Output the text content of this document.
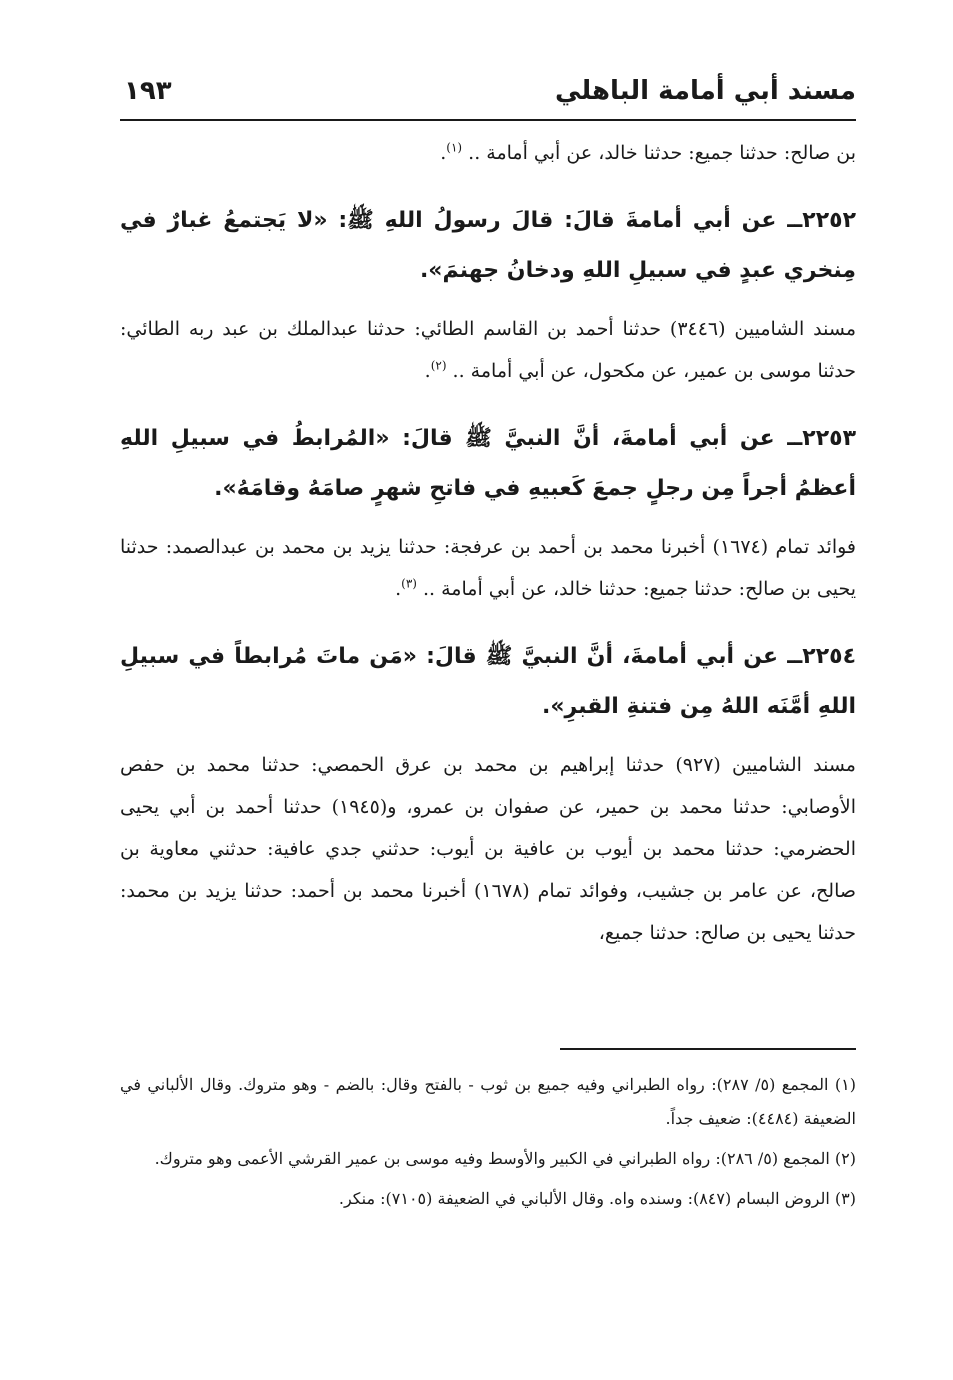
مسند أبي أمامة الباهلي
١٩٣

بن صالح: حدثنا جميع: حدثنا خالد، عن أبي أمامة .. $^{(١)}$.

٢٢٥٢ــ عن أبي أمامةَ قالَ: قالَ رسولُ اللهِ ﷺ: «لا يَجتمعُ غبارٌ في مِنخري عبدٍ في سبيلِ اللهِ ودخانُ جهنمَ».

مسند الشاميين (٣٤٤٦) حدثنا أحمد بن القاسم الطائي: حدثنا عبدالملك بن عبد ربه الطائي: حدثنا موسى بن عمير، عن مكحول، عن أبي أمامة .. $^{(٢)}$.

٢٢٥٣ــ عن أبي أمامةَ، أنَّ النبيَّ ﷺ قالَ: «المُرابطُ في سبيلِ اللهِ أعظمُ أجراً مِن رجلٍ جمعَ كَعبيهِ في فاتحِ شهرٍ صامَهُ وقامَهُ».

فوائد تمام (١٦٧٤) أخبرنا محمد بن أحمد بن عرفجة: حدثنا يزيد بن محمد بن عبدالصمد: حدثنا يحيى بن صالح: حدثنا جميع: حدثنا خالد، عن أبي أمامة .. $^{(٣)}$.

٢٢٥٤ــ عن أبي أمامةَ، أنَّ النبيَّ ﷺ قالَ: «مَن ماتَ مُرابطاً في سبيلِ اللهِ أمَّنَه اللهُ مِن فتنةِ القبرِ».

مسند الشاميين (٩٢٧) حدثنا إبراهيم بن محمد بن عرق الحمصي: حدثنا محمد بن حفص الأوصابي: حدثنا محمد بن حمير، عن صفوان بن عمرو، و(١٩٤٥) حدثنا أحمد بن أبي يحيى الحضرمي: حدثنا محمد بن أيوب بن عافية بن أيوب: حدثني جدي عافية: حدثني معاوية بن صالح، عن عامر بن جشيب، وفوائد تمام (١٦٧٨) أخبرنا محمد بن أحمد: حدثنا يزيد بن محمد: حدثنا يحيى بن صالح: حدثنا جميع،

(١) المجمع (٥/ ٢٨٧): رواه الطبراني وفيه جميع بن ثوب - بالفتح وقال: بالضم - وهو متروك. وقال الألباني في الضعيفة (٤٤٨٤): ضعيف جداً.

(٢) المجمع (٥/ ٢٨٦): رواه الطبراني في الكبير والأوسط وفيه موسى بن عمير القرشي الأعمى وهو متروك.

(٣) الروض البسام (٨٤٧): وسنده واه. وقال الألباني في الضعيفة (٧١٠٥): منكر.
